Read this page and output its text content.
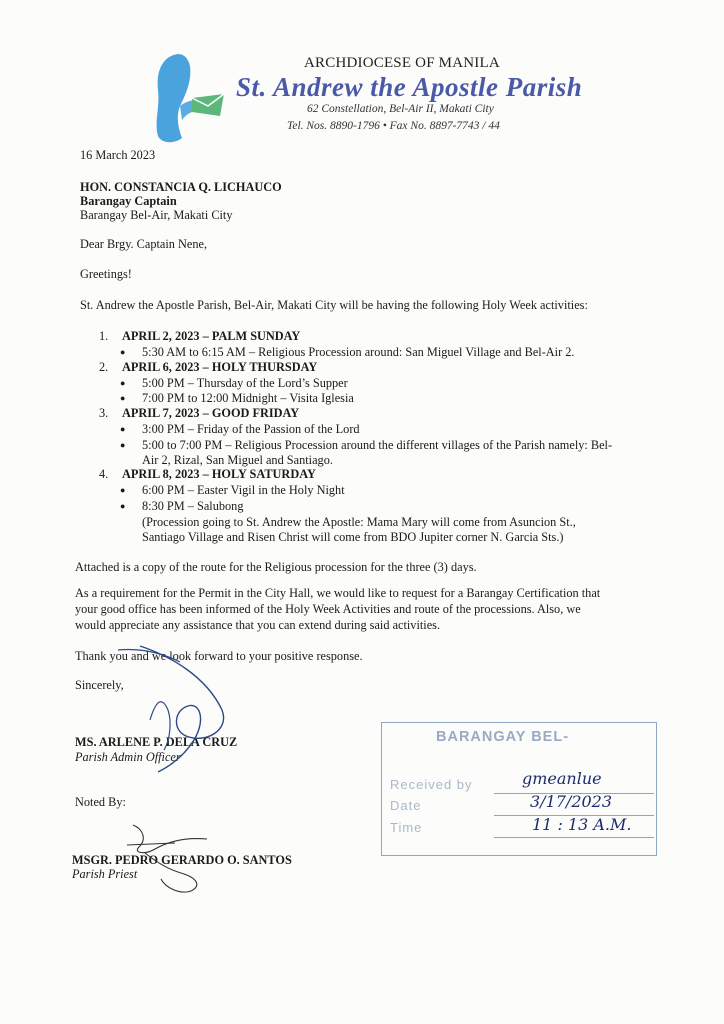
ARCHDIOCESE OF MANILA
St. Andrew the Apostle Parish
62 Constellation, Bel-Air II, Makati City
Tel. Nos. 8890-1796 • Fax No. 8897-7743 / 44
16 March 2023
HON. CONSTANCIA Q. LICHAUCO
Barangay Captain
Barangay Bel-Air, Makati City
Dear Brgy. Captain Nene,
Greetings!
St. Andrew the Apostle Parish, Bel-Air, Makati City will be having the following Holy Week activities:
1. APRIL 2, 2023 – PALM SUNDAY
● 5:30 AM to 6:15 AM – Religious Procession around: San Miguel Village and Bel-Air 2.
2. APRIL 6, 2023 – HOLY THURSDAY
● 5:00 PM – Thursday of the Lord’s Supper
● 7:00 PM to 12:00 Midnight – Visita Iglesia
3. APRIL 7, 2023 – GOOD FRIDAY
● 3:00 PM – Friday of the Passion of the Lord
● 5:00 to 7:00 PM – Religious Procession around the different villages of the Parish namely: Bel-
Air 2, Rizal, San Miguel and Santiago.
4. APRIL 8, 2023 – HOLY SATURDAY
● 6:00 PM – Easter Vigil in the Holy Night
● 8:30 PM – Salubong
(Procession going to St. Andrew the Apostle: Mama Mary will come from Asuncion St.,
Santiago Village and Risen Christ will come from BDO Jupiter corner N. Garcia Sts.)
Attached is a copy of the route for the Religious procession for the three (3) days.
As a requirement for the Permit in the City Hall, we would like to request for a Barangay Certification that
your good office has been informed of the Holy Week Activities and route of the processions. Also, we
would appreciate any assistance that you can extend during said activities.
Thank you and we look forward to your positive response.
Sincerely,
MS. ARLENE P. DELA CRUZ
Parish Admin Officer
Noted By:
MSGR. PEDRO GERARDO O. SANTOS
Parish Priest
BARANGAY BEL-
Received by
Date
Time
gmeanlue
3/17/2023
11 : 13 A.M.
